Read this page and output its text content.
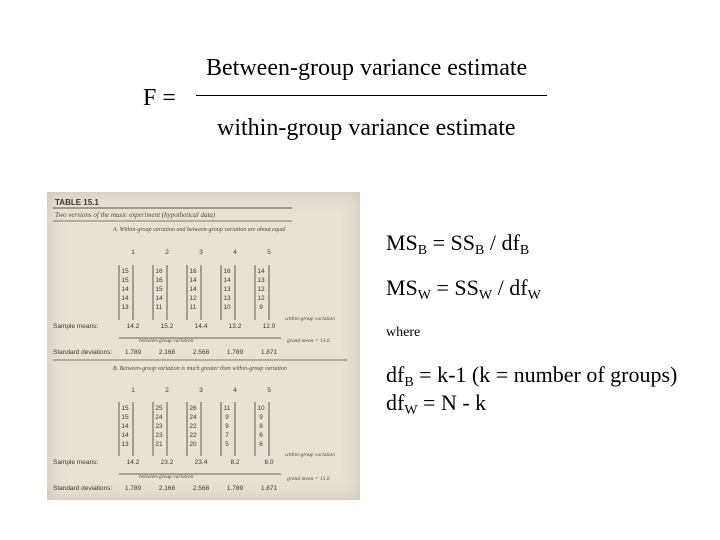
F =
Between-group variance estimate
within-group variance estimate
TABLE 15.1
Two versions of the music experiment (hypothetical data)
A. Within-group variation and between-group variation are about equal
1	2	3	4	5
15	16	16	16	14
15	16	14	14	13
14	15	14	13	12
14	14	12	13	12
13	11	11	10	9
Sample means:	14.2	15.2	14.4	13.2	12.0
within-group variation
between-group variation	grand mean = 13.6
Standard deviations: 1.789	2.168	2.568	1.789	1.871
B. Between-group variation is much greater than within-group variation
1	2	3	4	5
15	25	26	11	10
15	24	24	9	9
14	23	22	9	8
14	23	22	7	6
13	21	20	5	6
Sample means:	14.2	23.2	23.4	8.2	8.0
within-group variation
between-group variation	grand mean = 15.6
Standard deviations: 1.789	2.168	2.568	1.789	1.871
$MS_B = SS_B / df_B$
$MS_W = SS_W / df_W$
where
$df_B = k-1$ (k = number of groups)
$df_W = N - k$
